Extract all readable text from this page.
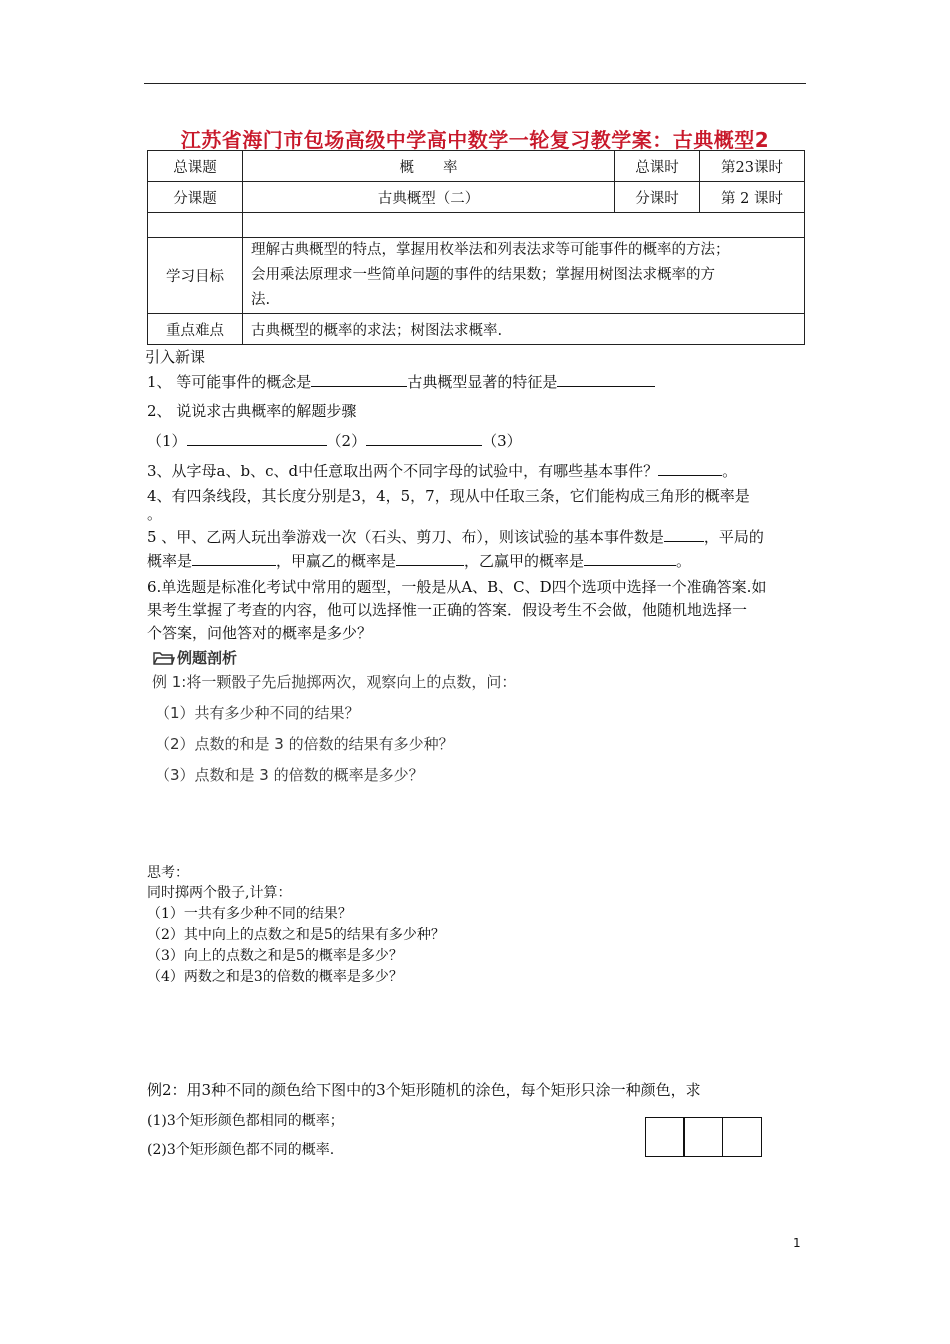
江苏省海门市包场高级中学高中数学一轮复习教学案：古典概型2
总课题	概　　率	总课时	第23课时
分课题	古典概型（二）	分课时	第 2 课时

学习目标	理解古典概型的特点，掌握用枚举法和列表法求等可能事件的概率的方法；
会用乘法原理求一些简单问题的事件的结果数；掌握用树图法求概率的方
法.		

重点难点	古典概型的概率的求法；树图法求概率.		
引入新课
1、 等可能事件的概念是	古典概型显著的特征是
2、 说说求古典概率的解题步骤
（1）	（2）	（3）
3、从字母a、b、c、d中任意取出两个不同字母的试验中，有哪些基本事件？	。
4、有四条线段，其长度分别是3，4，5，7，现从中任取三条，它们能构成三角形的概率是
。
5 、甲、乙两人玩出拳游戏一次（石头、剪刀、布），则该试验的基本事件数是	，平局的
概率是	，甲赢乙的概率是	，乙赢甲的概率是	。
6.单选题是标准化考试中常用的题型，一般是从A、B、C、D四个选项中选择一个准确答案.如
果考生掌握了考查的内容，他可以选择惟一正确的答案．假设考生不会做，他随机地选择一
个答案，问他答对的概率是多少？
例题剖析
例 1:将一颗骰子先后抛掷两次，观察向上的点数，问：
（1）共有多少种不同的结果？
（2）点数的和是 3 的倍数的结果有多少种？
（3）点数和是 3 的倍数的概率是多少？
思考：
同时掷两个骰子,计算：
（1）一共有多少种不同的结果？
（2）其中向上的点数之和是5的结果有多少种？
（3）向上的点数之和是5的概率是多少？
（4）两数之和是3的倍数的概率是多少？
例2：用3种不同的颜色给下图中的3个矩形随机的涂色，每个矩形只涂一种颜色，求
(1)3个矩形颜色都相同的概率；
(2)3个矩形颜色都不同的概率.
1
